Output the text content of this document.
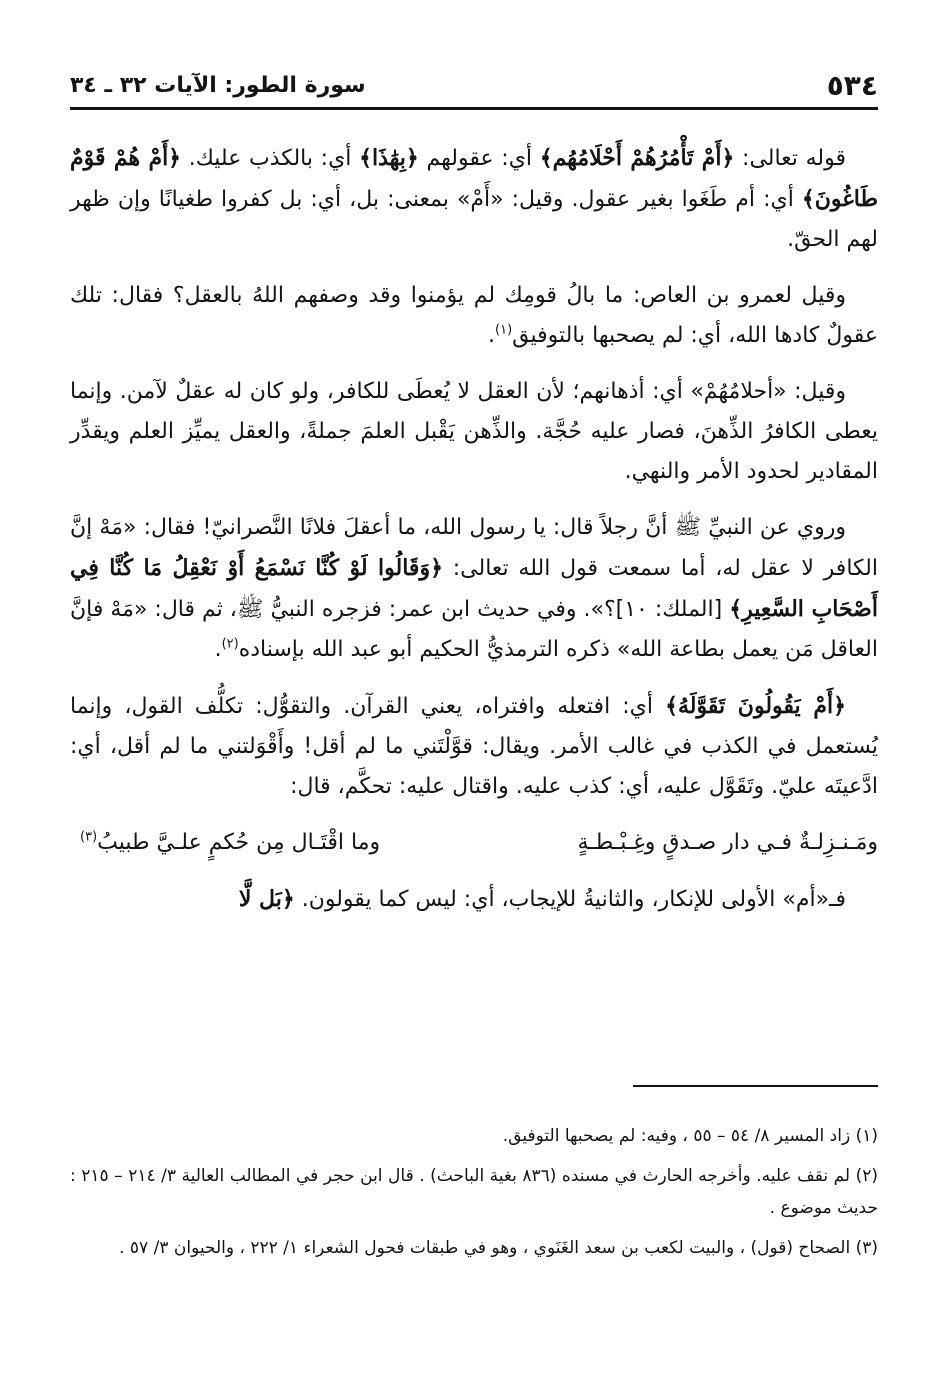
٥٣٤
سورة الطور: الآيات ٣٢ ـ ٣٤

قوله تعالى: ﴿أَمْ تَأْمُرُهُمْ أَحْلَامُهُم﴾ أي: عقولهم ﴿بِهَٰذَا﴾ أي: بالكذب عليك. ﴿أَمْ هُمْ قَوْمٌ طَاغُونَ﴾ أي: أم طَغَوا بغير عقول. وقيل: «أَمْ» بمعنى: بل، أي: بل كفروا طغيانًا وإن ظهر لهم الحقّ.

وقيل لعمرو بن العاص: ما بالُ قومِك لم يؤمنوا وقد وصفهم اللهُ بالعقل؟ فقال: تلك عقولٌ كادها الله، أي: لم يصحبها بالتوفيق$^{(١)}$.

وقيل: «أحلامُهُمْ» أي: أذهانهم؛ لأن العقل لا يُعطَى للكافر، ولو كان له عقلٌ لآمن. وإنما يعطى الكافرُ الذِّهنَ، فصار عليه حُجَّة. والذِّهن يَقْبل العلمَ جملةً، والعقل يميِّز العلم ويقدِّر المقادير لحدود الأمر والنهي.

وروي عن النبيِّ ﷺ أنَّ رجلاً قال: يا رسول الله، ما أعقلَ فلانًا النَّصرانيّ! فقال: «مَهْ إنَّ الكافر لا عقل له، أما سمعت قول الله تعالى: ﴿وَقَالُوا لَوْ كُنَّا نَسْمَعُ أَوْ نَعْقِلُ مَا كُنَّا فِي أَصْحَابِ السَّعِيرِ﴾ [الملك: ١٠]؟». وفي حديث ابن عمر: فزجره النبيُّ ﷺ، ثم قال: «مَهْ فإنَّ العاقل مَن يعمل بطاعة الله» ذكره الترمذيُّ الحكيم أبو عبد الله بإسناده$^{(٢)}$.

﴿أَمْ يَقُولُونَ تَقَوَّلَهُ﴾ أي: افتعله وافتراه، يعني القرآن. والتقوُّل: تكلُّف القول، وإنما يُستعمل في الكذب في غالب الأمر. ويقال: قوَّلْتَني ما لم أقل! وأَقْوَلتني ما لم أقل، أي: ادَّعيتَه عليّ. وتَقَوَّل عليه، أي: كذب عليه. واقتال عليه: تحكَّم، قال:

ومَـنـزِلـةٌ فـي دار صـدقٍ وغِـبْـطـةٍ
وما اقْتَـال مِن حُكمٍ علـيَّ طبيبُ$^{(٣)}$

فـ«أم» الأولى للإنكار، والثانيةُ للإيجاب، أي: ليس كما يقولون. ﴿بَل لَّا

(١) زاد المسير ٨/ ٥٤ – ٥٥ ، وفيه: لم يصحبها التوفيق.
(٢) لم نقف عليه. وأخرجه الحارث في مسنده (٨٣٦ بغية الباحث) . قال ابن حجر في المطالب العالية ٣/ ٢١٤ – ٢١٥ : حديث موضوع .
(٣) الصحاح (قول) ، والبيت لكعب بن سعد الغَنَوي ، وهو في طبقات فحول الشعراء ١/ ٢٢٢ ، والحيوان ٣/ ٥٧ .
